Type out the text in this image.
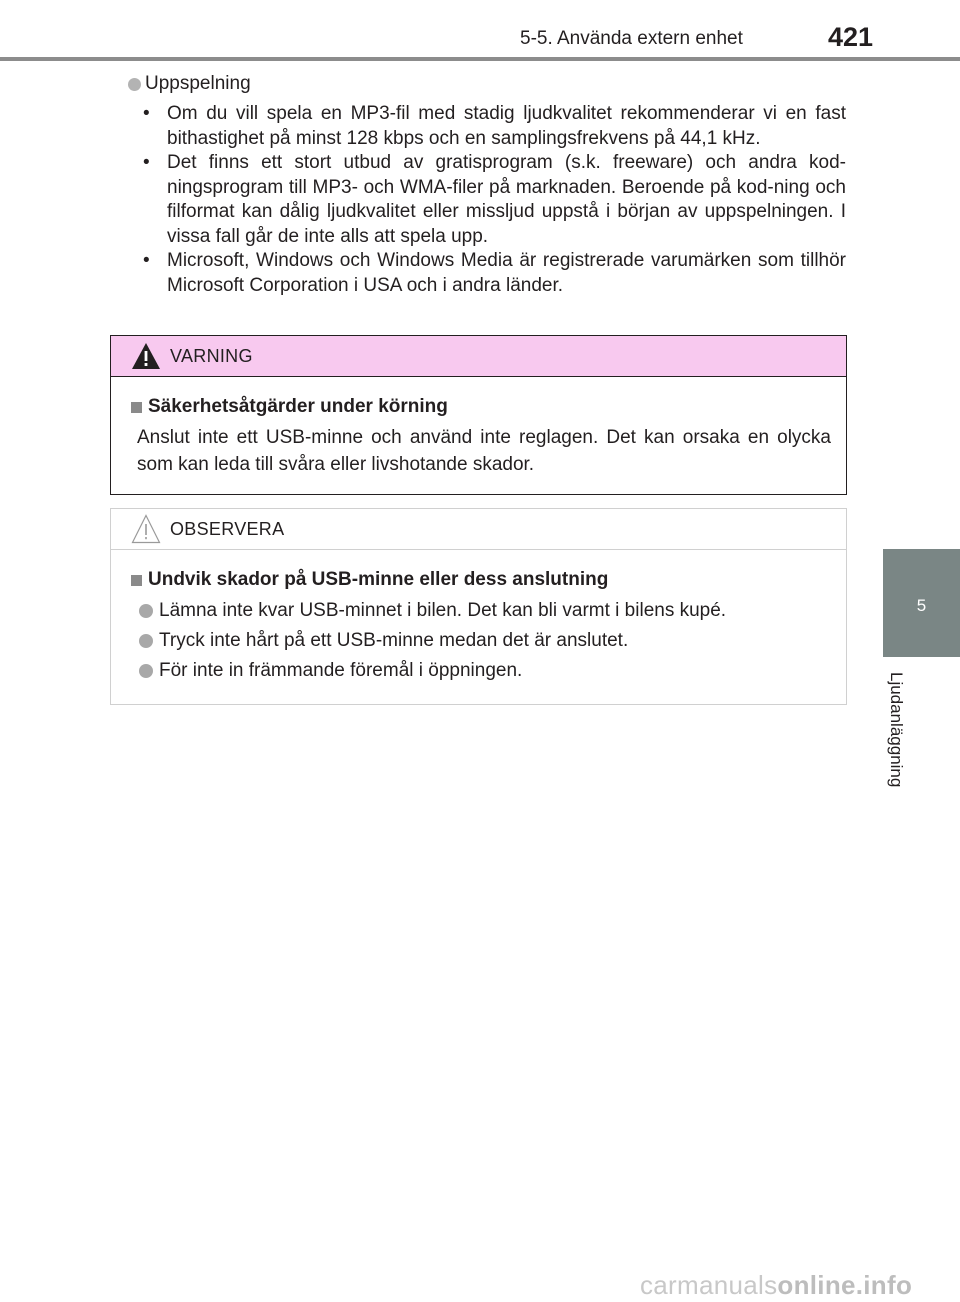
5-5. Använda extern enhet	421
5
Ljudanläggning
Uppspelning
• Om du vill spela en MP3-fil med stadig ljudkvalitet rekommenderar vi en fast bithastighet på minst 128 kbps och en samplingsfrekvens på 44,1 kHz.
• Det finns ett stort utbud av gratisprogram (s.k. freeware) och andra kod-ningsprogram till MP3- och WMA-filer på marknaden. Beroende på kod-ning och filformat kan dålig ljudkvalitet eller missljud uppstå i början av uppspelningen. I vissa fall går de inte alls att spela upp.
• Microsoft, Windows och Windows Media är registrerade varumärken som tillhör Microsoft Corporation i USA och i andra länder.
VARNING
Säkerhetsåtgärder under körning

Anslut inte ett USB-minne och använd inte reglagen. Det kan orsaka en olycka som kan leda till svåra eller livshotande skador.

OBSERVERA
Undvik skador på USB-minne eller dess anslutning
Lämna inte kvar USB-minnet i bilen. Det kan bli varmt i bilens kupé.
Tryck inte hårt på ett USB-minne medan det är anslutet.
För inte in främmande föremål i öppningen.
carmanualsonline.info
